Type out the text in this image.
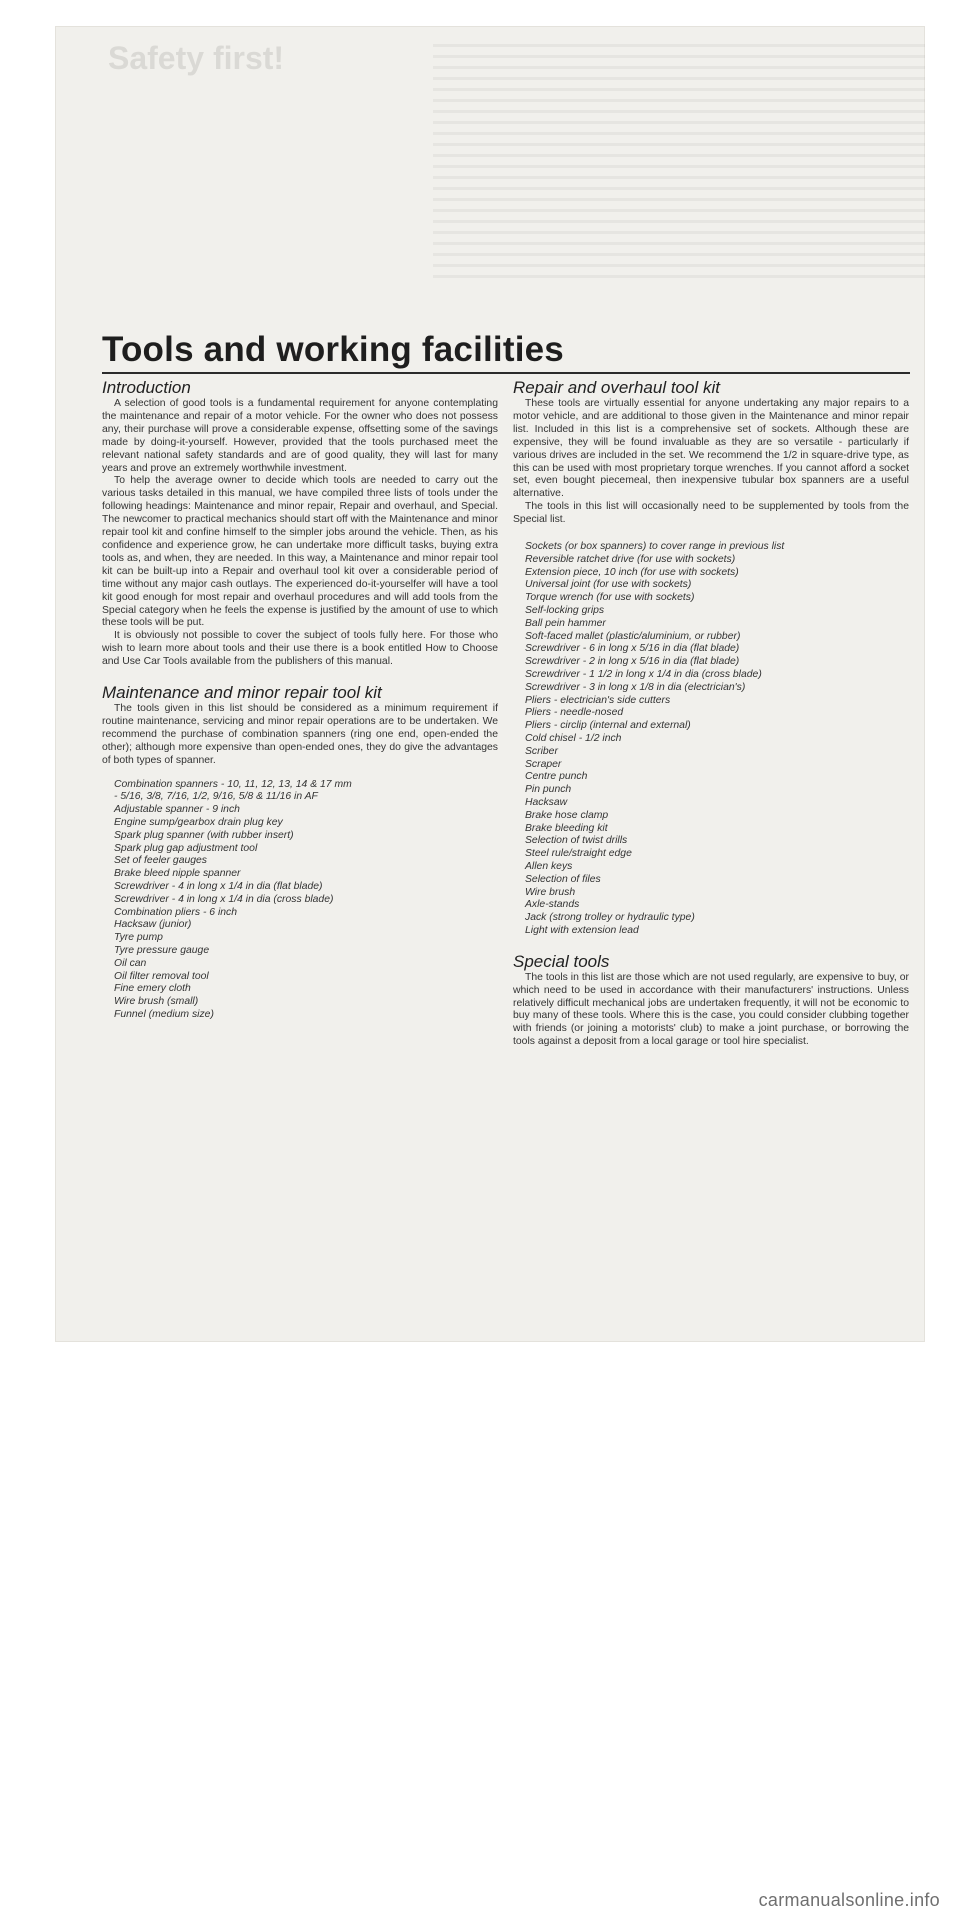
Safety first!
Tools and working facilities
Introduction

A selection of good tools is a fundamental requirement for anyone contemplating the maintenance and repair of a motor vehicle. For the owner who does not possess any, their purchase will prove a considerable expense, offsetting some of the savings made by doing-it-yourself. However, provided that the tools purchased meet the relevant national safety standards and are of good quality, they will last for many years and prove an extremely worthwhile investment.

To help the average owner to decide which tools are needed to carry out the various tasks detailed in this manual, we have compiled three lists of tools under the following headings: Maintenance and minor repair, Repair and overhaul, and Special. The newcomer to practical mechanics should start off with the Maintenance and minor repair tool kit and confine himself to the simpler jobs around the vehicle. Then, as his confidence and experience grow, he can undertake more difficult tasks, buying extra tools as, and when, they are needed. In this way, a Maintenance and minor repair tool kit can be built-up into a Repair and overhaul tool kit over a considerable period of time without any major cash outlays. The experienced do-it-yourselfer will have a tool kit good enough for most repair and overhaul procedures and will add tools from the Special category when he feels the expense is justified by the amount of use to which these tools will be put.

It is obviously not possible to cover the subject of tools fully here. For those who wish to learn more about tools and their use there is a book entitled How to Choose and Use Car Tools available from the publishers of this manual.

Maintenance and minor repair tool kit

The tools given in this list should be considered as a minimum requirement if routine maintenance, servicing and minor repair operations are to be undertaken. We recommend the purchase of combination spanners (ring one end, open-ended the other); although more expensive than open-ended ones, they do give the advantages of both types of spanner.

Combination spanners - 10, 11, 12, 13, 14 & 17 mm
- 5/16, 3/8, 7/16, 1/2, 9/16, 5/8 & 11/16 in AF
Adjustable spanner - 9 inch
Engine sump/gearbox drain plug key
Spark plug spanner (with rubber insert)
Spark plug gap adjustment tool
Set of feeler gauges
Brake bleed nipple spanner
Screwdriver - 4 in long x 1/4 in dia (flat blade)
Screwdriver - 4 in long x 1/4 in dia (cross blade)
Combination pliers - 6 inch
Hacksaw (junior)
Tyre pump
Tyre pressure gauge
Oil can
Oil filter removal tool
Fine emery cloth
Wire brush (small)
Funnel (medium size)
Repair and overhaul tool kit

These tools are virtually essential for anyone undertaking any major repairs to a motor vehicle, and are additional to those given in the Maintenance and minor repair list. Included in this list is a comprehensive set of sockets. Although these are expensive, they will be found invaluable as they are so versatile - particularly if various drives are included in the set. We recommend the 1/2 in square-drive type, as this can be used with most proprietary torque wrenches. If you cannot afford a socket set, even bought piecemeal, then inexpensive tubular box spanners are a useful alternative.

The tools in this list will occasionally need to be supplemented by tools from the Special list.

Sockets (or box spanners) to cover range in previous list
Reversible ratchet drive (for use with sockets)
Extension piece, 10 inch (for use with sockets)
Universal joint (for use with sockets)
Torque wrench (for use with sockets)
Self-locking grips
Ball pein hammer
Soft-faced mallet (plastic/aluminium, or rubber)
Screwdriver - 6 in long x 5/16 in dia (flat blade)
Screwdriver - 2 in long x 5/16 in dia (flat blade)
Screwdriver - 1 1/2 in long x 1/4 in dia (cross blade)
Screwdriver - 3 in long x 1/8 in dia (electrician's)
Pliers - electrician's side cutters
Pliers - needle-nosed
Pliers - circlip (internal and external)
Cold chisel - 1/2 inch
Scriber
Scraper
Centre punch
Pin punch
Hacksaw
Brake hose clamp
Brake bleeding kit
Selection of twist drills
Steel rule/straight edge
Allen keys
Selection of files
Wire brush
Axle-stands
Jack (strong trolley or hydraulic type)
Light with extension lead
Special tools

The tools in this list are those which are not used regularly, are expensive to buy, or which need to be used in accordance with their manufacturers' instructions. Unless relatively difficult mechanical jobs are undertaken frequently, it will not be economic to buy many of these tools. Where this is the case, you could consider clubbing together with friends (or joining a motorists' club) to make a joint purchase, or borrowing the tools against a deposit from a local garage or tool hire specialist.

carmanualsonline.info
